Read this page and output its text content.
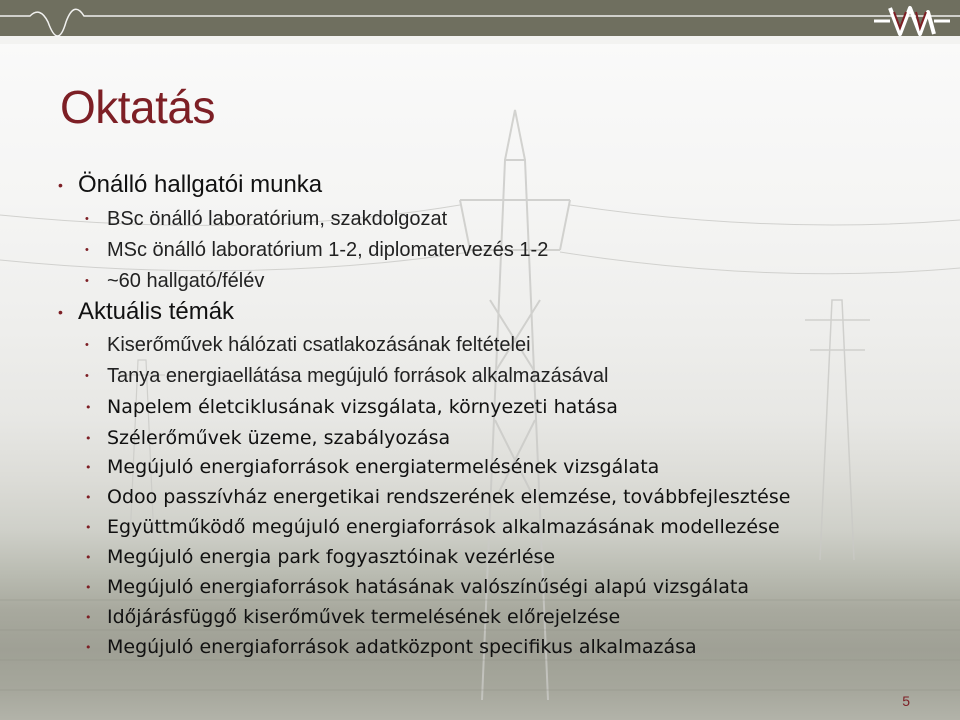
Oktatás
• Önálló hallgatói munka
• BSc önálló laboratórium, szakdolgozat
• MSc önálló laboratórium 1-2, diplomatervezés 1-2
• ~60 hallgató/félév
• Aktuális témák
• Kiserőművek hálózati csatlakozásának feltételei
• Tanya energiaellátása megújuló források alkalmazásával
• Napelem életciklusának vizsgálata, környezeti hatása
• Szélerőművek üzeme, szabályozása
• Megújuló energiaforrások energiatermelésének vizsgálata
• Odoo passzívház energetikai rendszerének elemzése, továbbfejlesztése
• Együttműködő megújuló energiaforrások alkalmazásának modellezése
• Megújuló energia park fogyasztóinak vezérlése
• Megújuló energiaforrások hatásának valószínűségi alapú vizsgálata
• Időjárásfüggő kiserőművek termelésének előrejelzése
• Megújuló energiaforrások adatközpont specifikus alkalmazása
5
